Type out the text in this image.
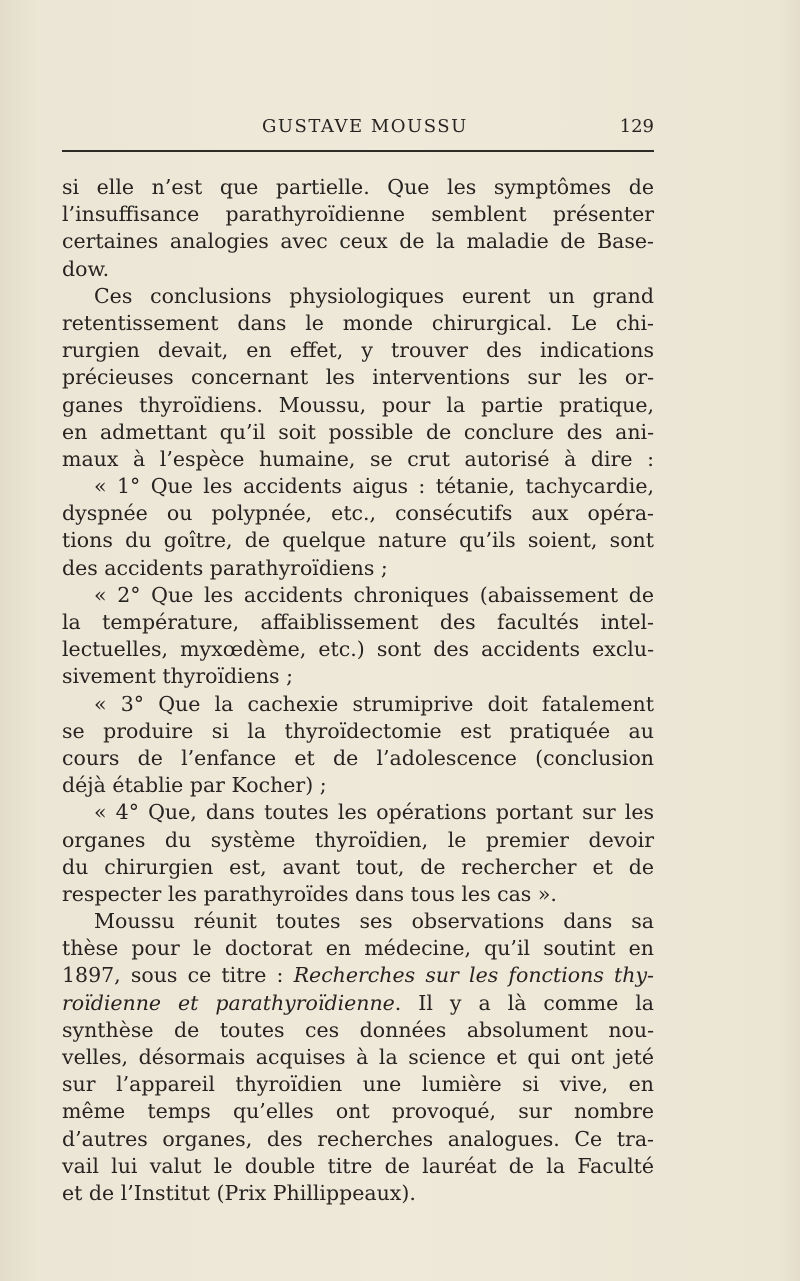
GUSTAVE MOUSSU	129
si elle n’est que partielle. Que les symptômes de
l’insuffisance parathyroïdienne semblent présenter
certaines analogies avec ceux de la maladie de Base-
dow.
Ces conclusions physiologiques eurent un grand
retentissement dans le monde chirurgical. Le chi-
rurgien devait, en effet, y trouver des indications
précieuses concernant les interventions sur les or-
ganes thyroïdiens. Moussu, pour la partie pratique,
en admettant qu’il soit possible de conclure des ani-
maux à l’espèce humaine, se crut autorisé à dire :
« 1° Que les accidents aigus : tétanie, tachycardie,
dyspnée ou polypnée, etc., consécutifs aux opéra-
tions du goître, de quelque nature qu’ils soient, sont
des accidents parathyroïdiens ;
« 2° Que les accidents chroniques (abaissement de
la température, affaiblissement des facultés intel-
lectuelles, myxœdème, etc.) sont des accidents exclu-
sivement thyroïdiens ;
« 3° Que la cachexie strumiprive doit fatalement
se produire si la thyroïdectomie est pratiquée au
cours de l’enfance et de l’adolescence (conclusion
déjà établie par Kocher) ;
« 4° Que, dans toutes les opérations portant sur les
organes du système thyroïdien, le premier devoir
du chirurgien est, avant tout, de rechercher et de
respecter les parathyroïdes dans tous les cas ».
Moussu réunit toutes ses observations dans sa
thèse pour le doctorat en médecine, qu’il soutint en
1897, sous ce titre : Recherches sur les fonctions thy-
roïdienne et parathyroïdienne. Il y a là comme la
synthèse de toutes ces données absolument nou-
velles, désormais acquises à la science et qui ont jeté
sur l’appareil thyroïdien une lumière si vive, en
même temps qu’elles ont provoqué, sur nombre
d’autres organes, des recherches analogues. Ce tra-
vail lui valut le double titre de lauréat de la Faculté
et de l’Institut (Prix Phillippeaux).
